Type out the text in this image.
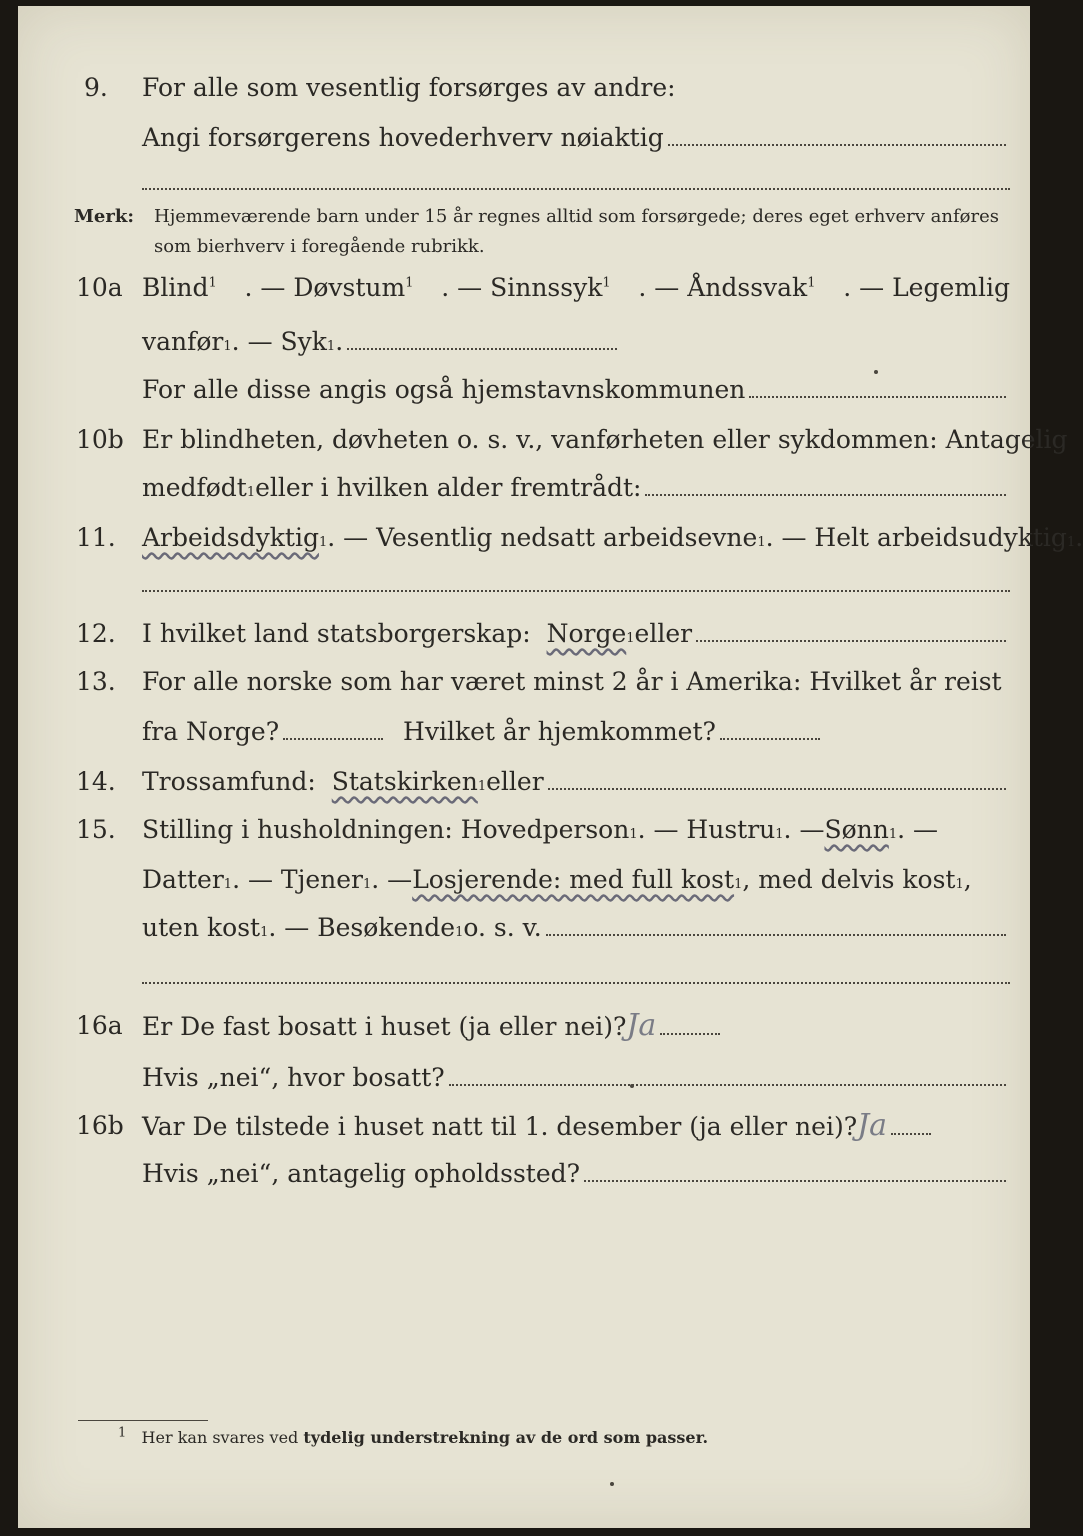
9. For alle som vesentlig forsørges av andre:
Angi forsørgerens hovederhverv nøiaktig
Merk: Hjemmeværende barn under 15 år regnes alltid som forsørgede; deres eget erhverv anføres som bierhverv i foregående rubrikk.
10a Blind$^1$ . — Døvstum$^1$ . — Sinnssyk$^1$ . — Åndssvak$^1$ . — Legemlig
vanfør 1 . — Syk 1 .
For alle disse angis også hjemstavnskommunen
10b Er blindheten, døvheten o. s. v., vanførheten eller sykdommen: Antagelig
medfødt 1 eller i hvilken alder fremtrådt:
11. Arbeidsdyktig 1 . — Vesentlig nedsatt arbeidsevne 1 . — Helt arbeidsudyktig 1 .
12. I hvilket land statsborgerskap:
Norge 1 eller
13. For alle norske som har været minst 2 år i Amerika: Hvilket år reist
fra Norge?
	Hvilket år hjemkommet?
14. Trossamfund:
Statskirken 1 eller
15. Stilling i husholdningen: Hovedperson 1 . — Hustru 1 . — Sønn 1 . —
Datter 1 . — Tjener 1 . — Losjerende: med full kost 1 , med delvis kost 1 ,
uten kost 1 . — Besøkende 1 o. s. v.
16a Er De fast bosatt i huset (ja eller nei)? Ja
Hvis „nei“, hvor bosatt?
16b Var De tilstede i huset natt til 1. desember (ja eller nei)? Ja
Hvis „nei“, antagelig opholdssted?
$^1$ Her kan svares ved tydelig understrekning av de ord som passer.
